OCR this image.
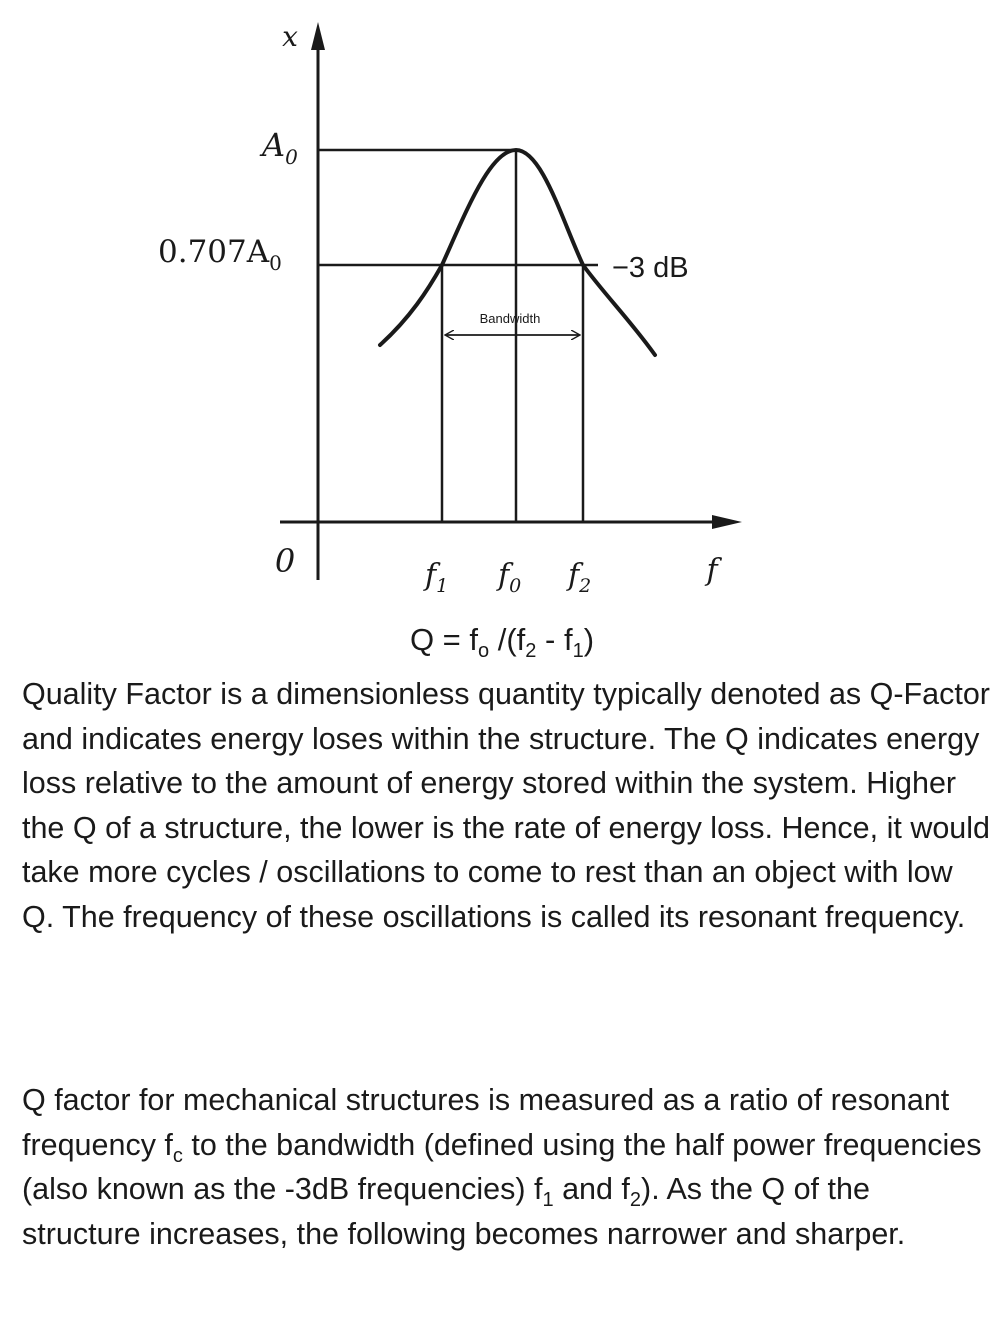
Bandwidth
x
f
0
$A_0$
$0.707A_0$	−3 dB
$f_1$ $f_0$ $f_2$
$Q = f_o$ $/(f_2 - f_1)$

Quality Factor is a dimensionless quantity typically denoted as Q-Factor and indicates energy loses within the structure. The Q indicates energy loss relative to the amount of energy stored within the system. Higher the Q of a structure, the lower is the rate of energy loss. Hence, it would take more cycles / oscillations to come to rest than an object with low Q. The frequency of these oscillations is called its resonant frequency.

Q factor for mechanical structures is measured as a ratio of resonant frequency $f_c$ to the bandwidth (defined using the half power frequencies (also known as the -3dB frequencies) $f_1$ and $f_2$). As the Q of the structure increases, the following becomes narrower and sharper.
